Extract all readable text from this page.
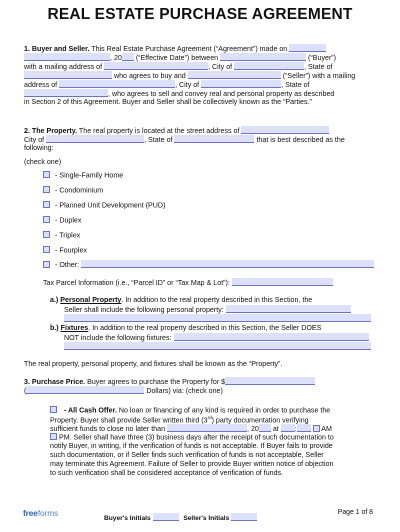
REAL ESTATE PURCHASE AGREEMENT
1. Buyer and Seller. This Real Estate Purchase Agreement (“Agreement”) made on
, 20 (“Effective Date”) between	(“Buyer”)
with a mailing address of	, City of	, State of
who agrees to buy and	(“Seller”) with a mailing
address of	, City of	, State of
, who agrees to sell and convey real and personal property as described
in Section 2 of this Agreement. Buyer and Seller shall be collectively known as the “Parties.”
2. The Property. The real property is located at the street address of
City of	, State of	that is best described as the
following:
(check one)
- Single-Family Home
- Condominium
- Planned Unit Development (PUD)
- Duplex
- Triplex
- Fourplex
- Other:
Tax Parcel Information (i.e., “Parcel ID” or “Tax Map & Lot”):
a.) Personal Property. In addition to the real property described in this Section, the
Seller shall include the following personal property:
b.) Fixtures. In addition to the real property described in this Section, the Seller DOES
NOT include the following fixtures:
The real property, personal property, and fixtures shall be known as the “Property”.
3. Purchase Price. Buyer agrees to purchase the Property for $
(	Dollars) via: (check one)
- All Cash Offer. No loan or financing of any kind is required in order to purchase the
Property. Buyer shall provide Seller written third (3rd) party documentation verifying
sufficient funds to close no later than	, 20 at :	AM
PM. Seller shall have three (3) business days after the receipt of such documentation to
notify Buyer, in writing, if the verification of funds is not acceptable. If Buyer fails to provide
such documentation, or if Seller finds such verification of funds is not acceptable, Seller
may terminate this Agreement. Failure of Seller to provide Buyer written notice of objection
to such verification shall be considered acceptance of verification of funds.
freeforms
Buyer's Initials	Seller's Initials
Page 1 of 8
